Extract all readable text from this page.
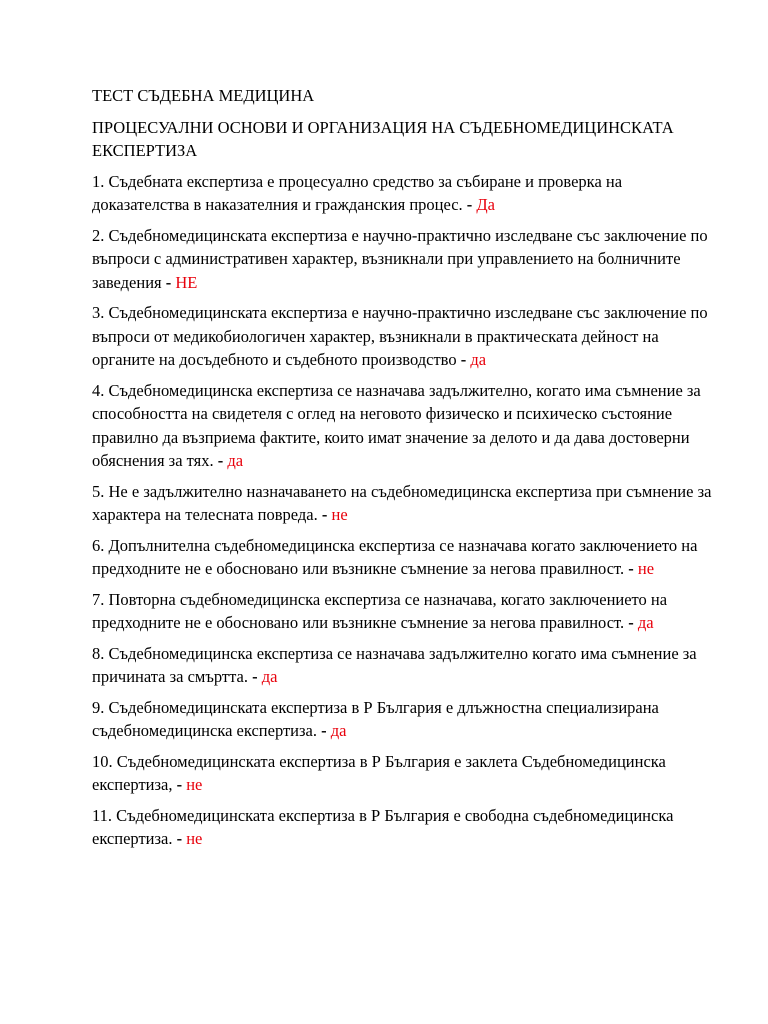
ТЕСТ СЪДЕБНА МЕДИЦИНА

ПРОЦЕСУАЛНИ ОСНОВИ И ОРГАНИЗАЦИЯ НА СЪДЕБНОМЕДИЦИНСКАТА ЕКСПЕРТИЗА

1. Съдебната експертиза е процесуално средство за събиране и проверка на доказателства в наказателния и гражданския процес. - Да
2. Съдебномедицинската експертиза е научно-практично изследване със заключение по въпроси с административен характер, възникнали при управлението на болничните заведения - НЕ
3. Съдебномедицинската експертиза е научно-практично изследване със заключение по въпроси от медикобиологичен характер, възникнали в практическата дейност на органите на досъдебното и съдебното производство - да
4. Съдебномедицинска експертиза се назначава задължително, когато има съмнение за способността на свидетеля с оглед на неговото физическо и психическо състояние правилно да възприема фактите, които имат значение за делото и да дава достоверни обяснения за тях. - да
5. Не е задължително назначаването на съдебномедицинска експертиза при съмнение за характера на телесната повреда. - не
6. Допълнителна съдебномедицинска експертиза се назначава когато заключението на предходните не е обосновано или възникне съмнение за негова правилност. - не
7. Повторна съдебномедицинска експертиза се назначава, когато заключението на предходните не е обосновано или възникне съмнение за негова правилност. - да
8. Съдебномедицинска експертиза се назначава задължително когато има съмнение за причината за смъртта. - да
9. Съдебномедицинската експертиза в Р България е длъжностна специализирана съдебномедицинска експертиза. - да
10. Съдебномедицинската експертиза в Р България е заклета Съдебномедицинска експертиза, - не
11. Съдебномедицинската експертиза в Р България е свободна съдебномедицинска експертиза. - не
